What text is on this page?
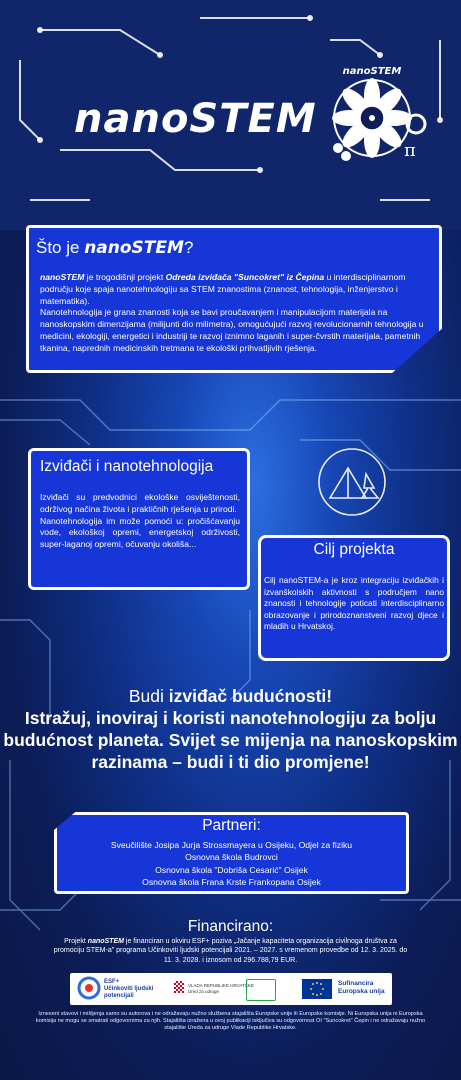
nanoSTEM
π
nanoSTEM
Što je nanoSTEM?
nanoSTEM je trogodišnji projekt Odreda izviđača "Suncokret" iz Čepina u interdisciplinarnom području koje spaja nanotehnologiju sa STEM znanostima (znanost, tehnologija, inženjerstvo i matematika).
Nanotehnologija je grana znanosti koja se bavi proučavanjem i manipulacijom materijala na nanoskopskim dimenzijama (milijunti dio milimetra), omogućujući razvoj revolucionarnih tehnologija u medicini, ekologiji, energetici i industriji te razvoj iznimno laganih i super-čvrstih materijala, pametnih tkanina, naprednih medicinskih tretmana te ekološki prihvatljivih rješenja.
Izviđači i nanotehnologija
Izviđači su predvodnici ekološke osviještenosti, održivog načina života i praktičnih rješenja u prirodi.
Nanotehnologija im može pomoći u: pročišćavanju vode, ekološkoj opremi, energetskoj održivosti, super-laganoj opremi, očuvanju okoliša...	Cilj projekta
Cilj nanoSTEM-a je kroz integraciju izviđačkih i izvanškolskih aktivnosti s područjem nano znanosti i tehnologije poticati interdisciplinarno obrazovanje i prirodoznanstveni razvoj djece i mladih u Hrvatskoj.
Budi izviđač budućnosti!
Istražuj, inoviraj i koristi nanotehnologiju za bolju budućnost planeta. Svijet se mijenja na nanoskopskim razinama – budi i ti dio promjene!
Partneri:
Sveučilište Josipa Jurja Strossmayera u Osijeku, Odjel za fiziku
Osnovna škola Budrovci
Osnovna škola "Dobriša Cesarić" Osijek
Osnovna škola Frana Krste Frankopana Osijek
Financirano:
Projekt nanoSTEM je financiran u okviru ESF+ poziva „Jačanje kapaciteta organizacija civilnoga društva za promociju STEM-a" programa Učinkoviti ljudski potencijali 2021. – 2027. s vremenom provedbe od 12. 3. 2025. do 11. 3. 2028. i iznosom od 296.788,79 EUR.
ESF+
Učinkoviti ljudski
potencijali
VLADA REPUBLIKE HRVATSKE
Ured za udruge
Sufinancira
Europska unija
Izneseni stavovi i mišljenja samo su autorova i ne odražavaju nužno službena stajališta Europske unije ili Europske komisije. Ni Europska unija ni Europska komisija ne mogu se smatrati odgovornima za njih. Stajališta izražena u ovoj publikaciji isključiva su odgovornost OI "Suncokret" Čepin i ne odražavaju nužno stajalište Ureda za udruge Vlade Republike Hrvatske.
